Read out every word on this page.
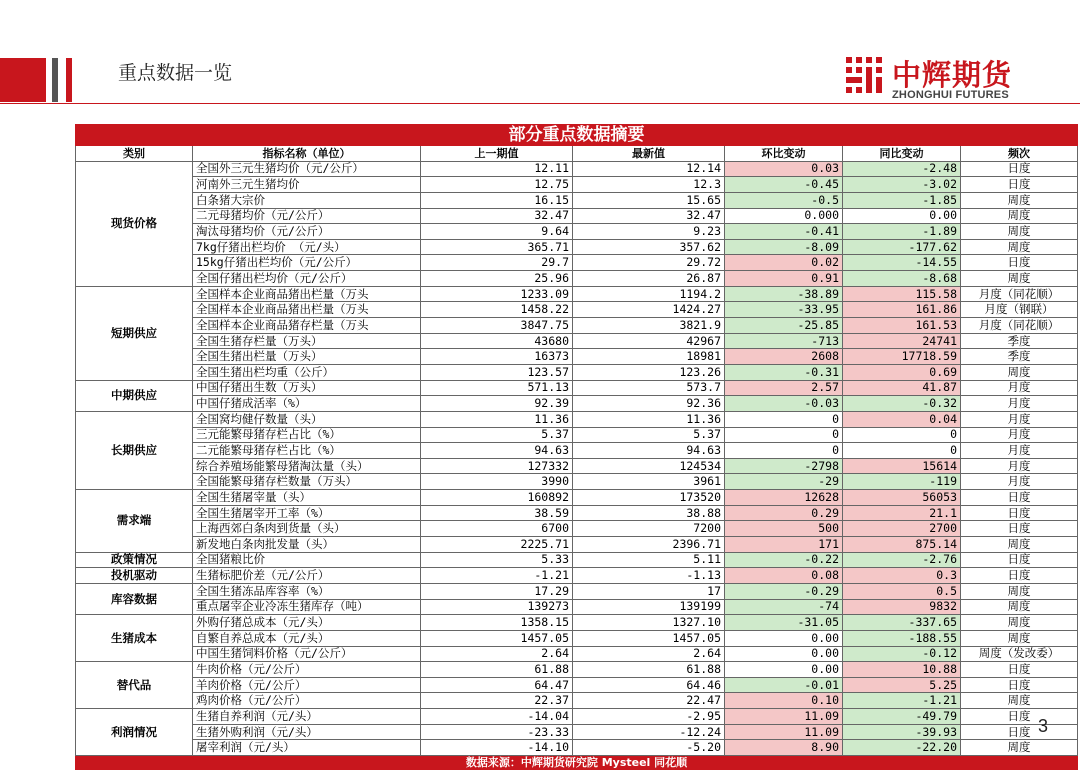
重点数据一览	中辉期货
ZHONGHUI FUTURES
部分重点数据摘要						
类别	指标名称（单位）	上一期值	最新值	环比变动	同比变动	频次
现货价格	全国外三元生猪均价（元/公斤）	12.11	12.14	0.03	-2.48	日度
	河南外三元生猪均价	12.75	12.3	-0.45	-3.02	日度
	白条猪大宗价	16.15	15.65	-0.5	-1.85	周度
	二元母猪均价（元/公斤）	32.47	32.47	0.000	0.00	周度
	淘汰母猪均价（元/公斤）	9.64	9.23	-0.41	-1.89	周度
	7kg仔猪出栏均价 （元/头）	365.71	357.62	-8.09	-177.62	周度
	15kg仔猪出栏均价（元/公斤）	29.7	29.72	0.02	-14.55	日度
	全国仔猪出栏均价（元/公斤）	25.96	26.87	0.91	-8.68	周度
短期供应	全国样本企业商品猪出栏量（万头	1233.09	1194.2	-38.89	115.58	月度（同花顺）
	全国样本企业商品猪出栏量（万头	1458.22	1424.27	-33.95	161.86	月度（钢联）
	全国样本企业商品猪存栏量（万头	3847.75	3821.9	-25.85	161.53	月度（同花顺）
	全国生猪存栏量（万头）	43680	42967	-713	24741	季度
	全国生猪出栏量（万头）	16373	18981	2608	17718.59	季度
	全国生猪出栏均重（公斤）	123.57	123.26	-0.31	0.69	周度
中期供应	中国仔猪出生数（万头）	571.13	573.7	2.57	41.87	月度
	中国仔猪成活率（%）	92.39	92.36	-0.03	-0.32	月度
长期供应	全国窝均健仔数量（头）	11.36	11.36	0	0.04	月度
	三元能繁母猪存栏占比（%）	5.37	5.37	0	0	月度
	二元能繁母猪存栏占比（%）	94.63	94.63	0	0	月度
	综合养殖场能繁母猪淘汰量（头）	127332	124534	-2798	15614	月度
	全国能繁母猪存栏数量（万头）	3990	3961	-29	-119	月度
需求端	全国生猪屠宰量（头）	160892	173520	12628	56053	日度
	全国生猪屠宰开工率（%）	38.59	38.88	0.29	21.1	日度
	上海西郊白条肉到货量（头）	6700	7200	500	2700	日度
	新发地白条肉批发量（头）	2225.71	2396.71	171	875.14	周度
政策情况	全国猪粮比价	5.33	5.11	-0.22	-2.76	日度
投机驱动	生猪标肥价差（元/公斤）	-1.21	-1.13	0.08	0.3	日度
库容数据	全国生猪冻品库容率（%）	17.29	17	-0.29	0.5	周度
	重点屠宰企业冷冻生猪库存（吨）	139273	139199	-74	9832	周度
生猪成本	外购仔猪总成本（元/头）	1358.15	1327.10	-31.05	-337.65	周度
	自繁自养总成本（元/头）	1457.05	1457.05	0.00	-188.55	周度
	中国生猪饲料价格（元/公斤）	2.64	2.64	0.00	-0.12	周度（发改委）
替代品	牛肉价格（元/公斤）	61.88	61.88	0.00	10.88	日度
	羊肉价格（元/公斤）	64.47	64.46	-0.01	5.25	日度
	鸡肉价格（元/公斤）	22.37	22.47	0.10	-1.21	周度
利润情况	生猪自养利润（元/头）	-14.04	-2.95	11.09	-49.79	日度
	生猪外购利润（元/头）	-23.33	-12.24	11.09	-39.93	日度
	屠宰利润（元/头）	-14.10	-5.20	8.90	-22.20	周度
数据来源：中辉期货研究院 Mysteel 同花顺						
3
